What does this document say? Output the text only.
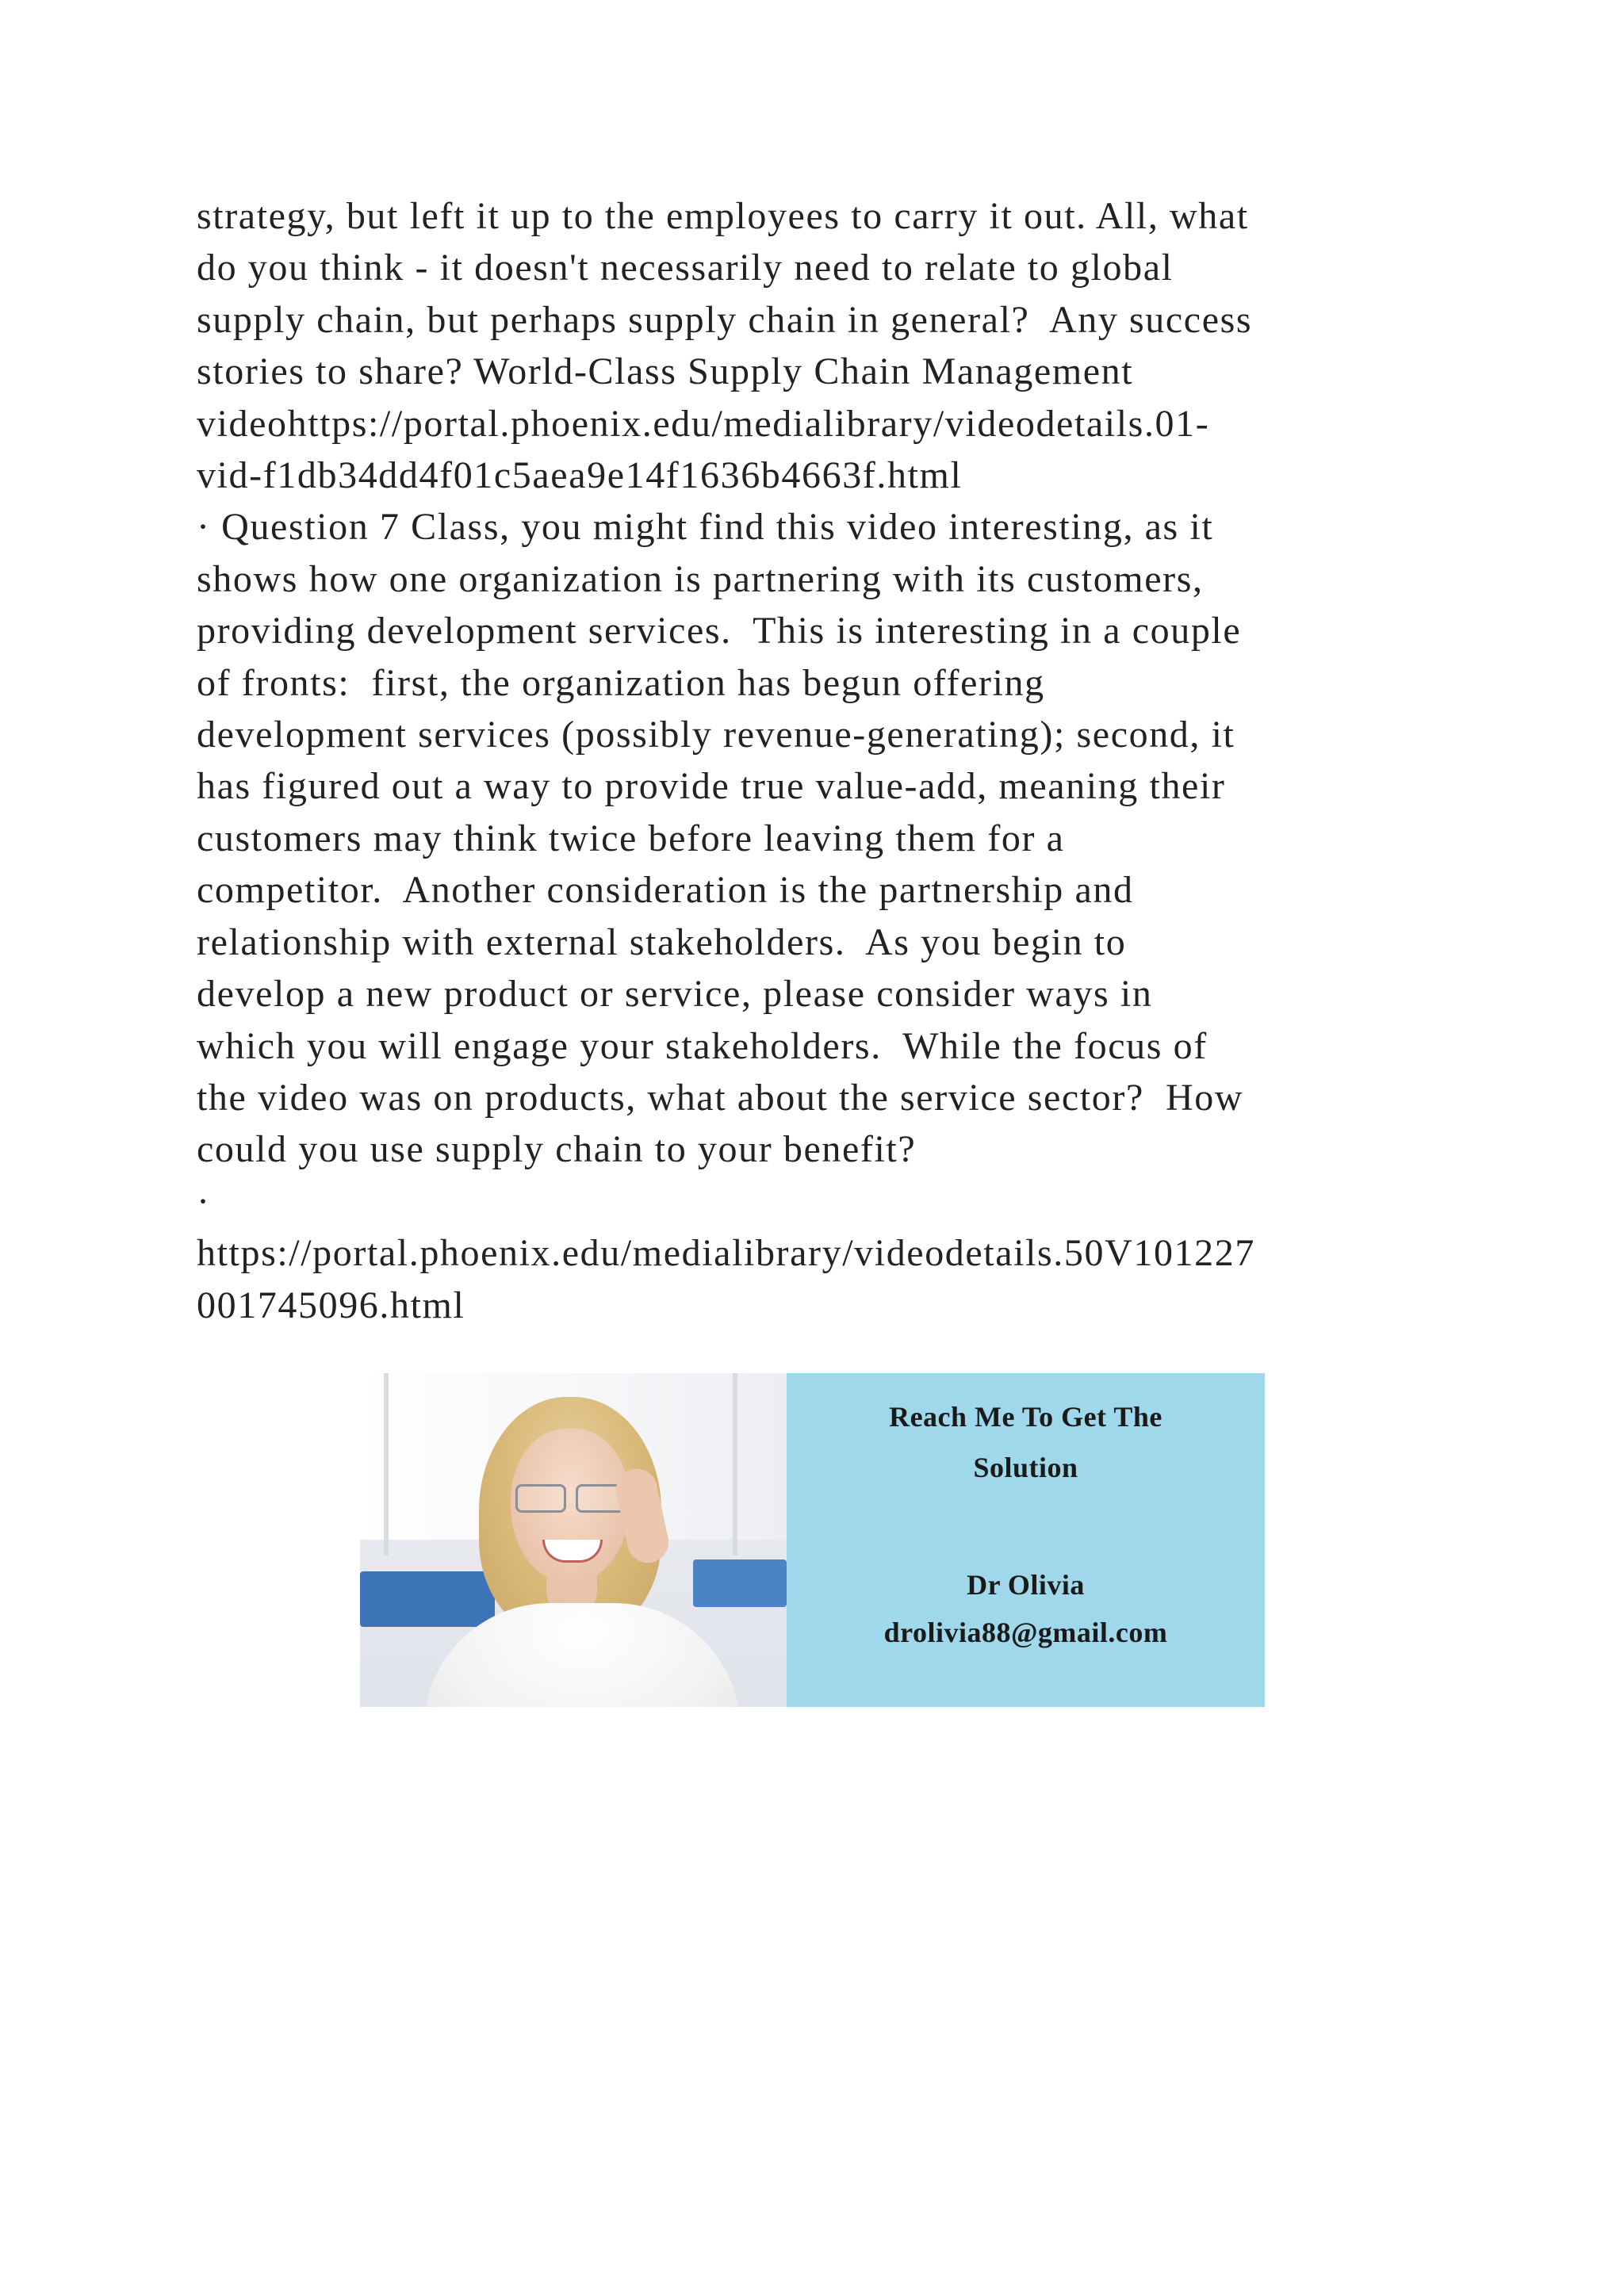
strategy, but left it up to the employees to carry it out. All, what
do you think - it doesn't necessarily need to relate to global
supply chain, but perhaps supply chain in general?  Any success
stories to share? World-Class Supply Chain Management
videohttps://portal.phoenix.edu/medialibrary/videodetails.01-
vid-f1db34dd4f01c5aea9e14f1636b4663f.html
· Question 7 Class, you might find this video interesting, as it
shows how one organization is partnering with its customers,
providing development services.  This is interesting in a couple
of fronts:  first, the organization has begun offering
development services (possibly revenue-generating); second, it
has figured out a way to provide true value-add, meaning their
customers may think twice before leaving them for a
competitor.  Another consideration is the partnership and
relationship with external stakeholders.  As you begin to
develop a new product or service, please consider ways in
which you will engage your stakeholders.  While the focus of
the video was on products, what about the service sector?  How
could you use supply chain to your benefit?
·
https://portal.phoenix.edu/medialibrary/videodetails.50V101227
001745096.html
Reach Me To Get The
Solution
Dr Olivia
drolivia88@gmail.com
